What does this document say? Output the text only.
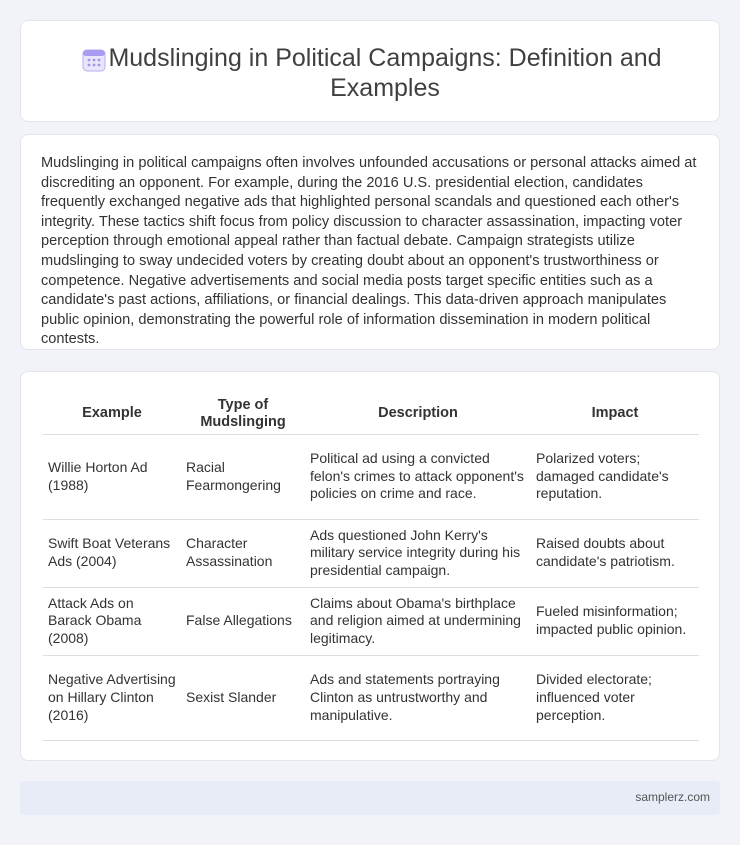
Mudslinging in Political Campaigns: Definition and Examples

Mudslinging in political campaigns often involves unfounded accusations or personal attacks aimed at discrediting an opponent. For example, during the 2016 U.S. presidential election, candidates frequently exchanged negative ads that highlighted personal scandals and questioned each other's integrity. These tactics shift focus from policy discussion to character assassination, impacting voter perception through emotional appeal rather than factual debate. Campaign strategists utilize mudslinging to sway undecided voters by creating doubt about an opponent's trustworthiness or competence. Negative advertisements and social media posts target specific entities such as a candidate's past actions, affiliations, or financial dealings. This data-driven approach manipulates public opinion, demonstrating the powerful role of information dissemination in modern political contests.

Example	Type of Mudslinging	Description	Impact
Willie Horton Ad (1988)	Racial Fearmongering	Political ad using a convicted felon's crimes to attack opponent's policies on crime and race.	Polarized voters; damaged candidate's reputation.
Swift Boat Veterans Ads (2004)	Character Assassination	Ads questioned John Kerry's military service integrity during his presidential campaign.	Raised doubts about candidate's patriotism.
Attack Ads on Barack Obama (2008)	False Allegations	Claims about Obama's birthplace and religion aimed at undermining legitimacy.	Fueled misinformation; impacted public opinion.
Negative Advertising on Hillary Clinton (2016)	Sexist Slander	Ads and statements portraying Clinton as untrustworthy and manipulative.	Divided electorate; influenced voter perception.
samplerz.com
